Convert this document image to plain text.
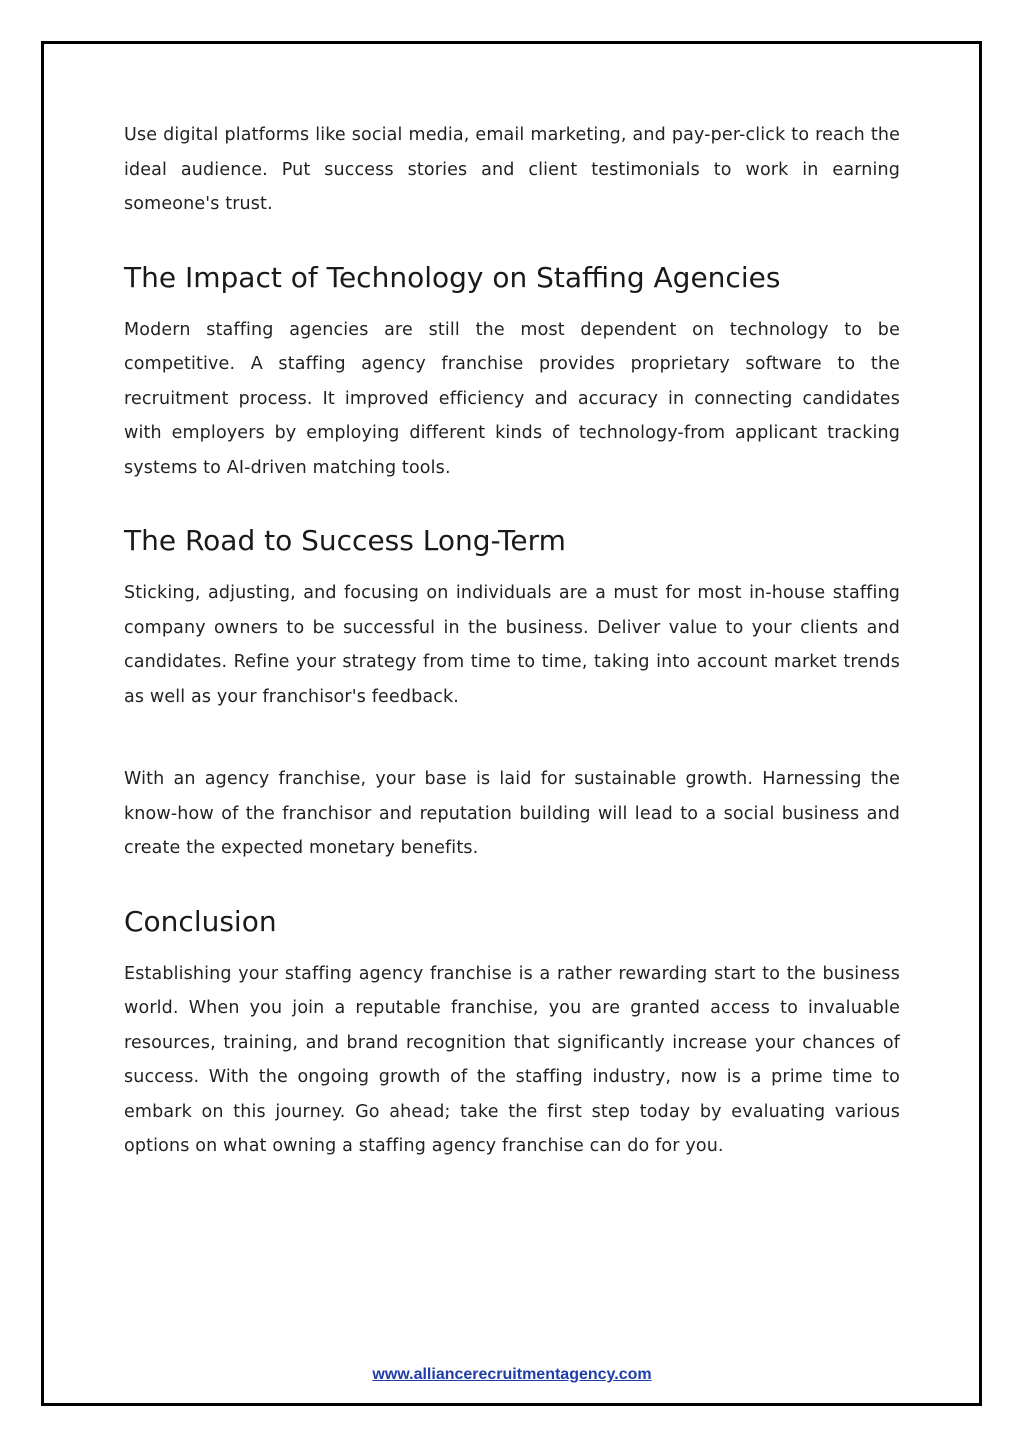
Use digital platforms like social media, email marketing, and pay-per-click to reach the ideal audience. Put success stories and client testimonials to work in earning someone's trust.

The Impact of Technology on Staffing Agencies

Modern staffing agencies are still the most dependent on technology to be competitive. A staffing agency franchise provides proprietary software to the recruitment process. It improved efficiency and accuracy in connecting candidates with employers by employing different kinds of technology-from applicant tracking systems to AI-driven matching tools.

The Road to Success Long-Term

Sticking, adjusting, and focusing on individuals are a must for most in-house staffing company owners to be successful in the business. Deliver value to your clients and candidates. Refine your strategy from time to time, taking into account market trends as well as your franchisor's feedback.

With an agency franchise, your base is laid for sustainable growth. Harnessing the know-how of the franchisor and reputation building will lead to a social business and create the expected monetary benefits.

Conclusion

Establishing your staffing agency franchise is a rather rewarding start to the business world. When you join a reputable franchise, you are granted access to invaluable resources, training, and brand recognition that significantly increase your chances of success. With the ongoing growth of the staffing industry, now is a prime time to embark on this journey. Go ahead; take the first step today by evaluating various options on what owning a staffing agency franchise can do for you.

www.alliancerecruitmentagency.com
